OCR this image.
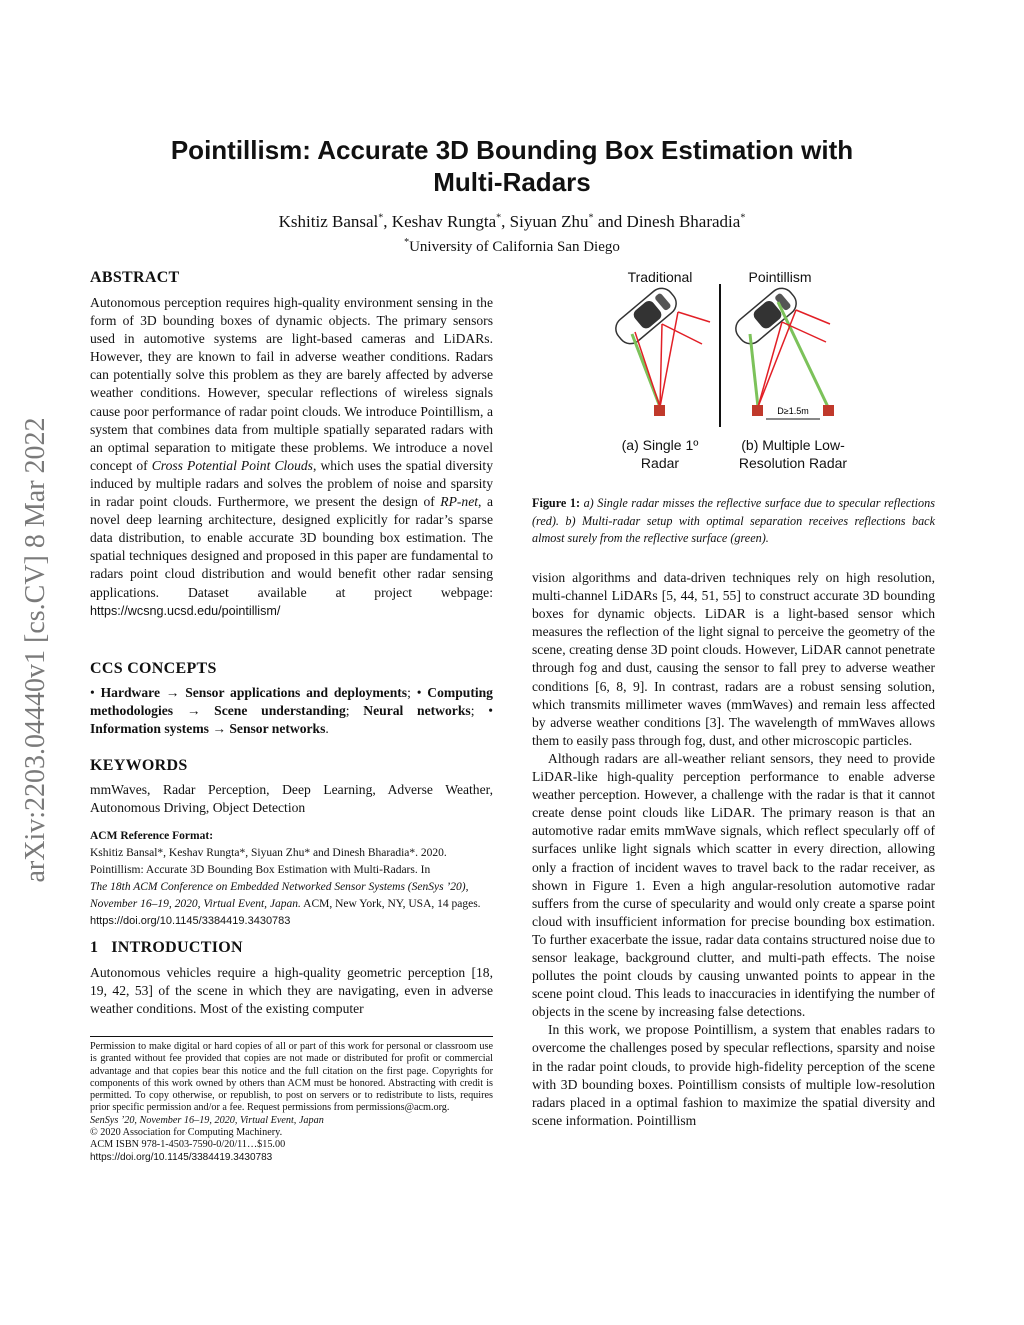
arXiv:2203.04440v1 [cs.CV] 8 Mar 2022
Pointillism: Accurate 3D Bounding Box Estimation with
Multi-Radars
Kshitiz Bansal*, Keshav Rungta*, Siyuan Zhu* and Dinesh Bharadia*
*University of California San Diego
ABSTRACT
Autonomous perception requires high-quality environment sensing in the form of 3D bounding boxes of dynamic objects. The primary sensors used in automotive systems are light-based cameras and LiDARs. However, they are known to fail in adverse weather conditions. Radars can potentially solve this problem as they are barely affected by adverse weather conditions. However, specular reflections of wireless signals cause poor performance of radar point clouds. We introduce Pointillism, a system that combines data from multiple spatially separated radars with an optimal separation to mitigate these problems. We introduce a novel concept of Cross Potential Point Clouds, which uses the spatial diversity induced by multiple radars and solves the problem of noise and sparsity in radar point clouds. Furthermore, we present the design of RP-net, a novel deep learning architecture, designed explicitly for radar’s sparse data distribution, to enable accurate 3D bounding box estimation. The spatial techniques designed and proposed in this paper are fundamental to radars point cloud distribution and would benefit other radar sensing applications. Dataset available at project webpage: https://wcsng.ucsd.edu/pointillism/
CCS CONCEPTS
• Hardware → Sensor applications and deployments; • Computing methodologies → Scene understanding; Neural networks; • Information systems → Sensor networks.
KEYWORDS
mmWaves, Radar Perception, Deep Learning, Adverse Weather, Autonomous Driving, Object Detection
ACM Reference Format:
Kshitiz Bansal*, Keshav Rungta*, Siyuan Zhu* and Dinesh Bharadia*. 2020.
Pointillism: Accurate 3D Bounding Box Estimation with Multi-Radars. In
The 18th ACM Conference on Embedded Networked Sensor Systems (SenSys ’20), November 16–19, 2020, Virtual Event, Japan. ACM, New York, NY, USA, 14 pages. https://doi.org/10.1145/3384419.3430783
1 INTRODUCTION
Autonomous vehicles require a high-quality geometric perception [18, 19, 42, 53] of the scene in which they are navigating, even in adverse weather conditions. Most of the existing computer
Permission to make digital or hard copies of all or part of this work for personal or classroom use is granted without fee provided that copies are not made or distributed for profit or commercial advantage and that copies bear this notice and the full citation on the first page. Copyrights for components of this work owned by others than ACM must be honored. Abstracting with credit is permitted. To copy otherwise, or republish, to post on servers or to redistribute to lists, requires prior specific permission and/or a fee. Request permissions from permissions@acm.org.
SenSys ’20, November 16–19, 2020, Virtual Event, Japan
© 2020 Association for Computing Machinery.
ACM ISBN 978-1-4503-7590-0/20/11…$15.00
https://doi.org/10.1145/3384419.3430783
Traditional	Pointillism
D≥1.5m
(a) Single 1º
Radar
(b) Multiple Low-
Resolution Radar
Figure 1: a) Single radar misses the reflective surface due to specular reflections (red). b) Multi-radar setup with optimal separation receives reflections back almost surely from the reflective surface (green).

vision algorithms and data-driven techniques rely on high resolution, multi-channel LiDARs [5, 44, 51, 55] to construct accurate 3D bounding boxes for dynamic objects. LiDAR is a light-based sensor which measures the reflection of the light signal to perceive the geometry of the scene, creating dense 3D point clouds. However, LiDAR cannot penetrate through fog and dust, causing the sensor to fall prey to adverse weather conditions [6, 8, 9]. In contrast, radars are a robust sensing solution, which transmits millimeter waves (mmWaves) and remain less affected by adverse weather conditions [3]. The wavelength of mmWaves allows them to easily pass through fog, dust, and other microscopic particles.

Although radars are all-weather reliant sensors, they need to provide LiDAR-like high-quality perception performance to enable adverse weather perception. However, a challenge with the radar is that it cannot create dense point clouds like LiDAR. The primary reason is that an automotive radar emits mmWave signals, which reflect specularly off of surfaces unlike light signals which scatter in every direction, allowing only a fraction of incident waves to travel back to the radar receiver, as shown in Figure 1. Even a high angular-resolution automotive radar suffers from the curse of specularity and would only create a sparse point cloud with insufficient information for precise bounding box estimation. To further exacerbate the issue, radar data contains structured noise due to sensor leakage, background clutter, and multi-path effects. The noise pollutes the point clouds by causing unwanted points to appear in the scene point cloud. This leads to inaccuracies in identifying the number of objects in the scene by increasing false detections.

In this work, we propose Pointillism, a system that enables radars to overcome the challenges posed by specular reflections, sparsity and noise in the radar point clouds, to provide high-fidelity perception of the scene with 3D bounding boxes. Pointillism consists of multiple low-resolution radars placed in a optimal fashion to maximize the spatial diversity and scene information. Pointillism
